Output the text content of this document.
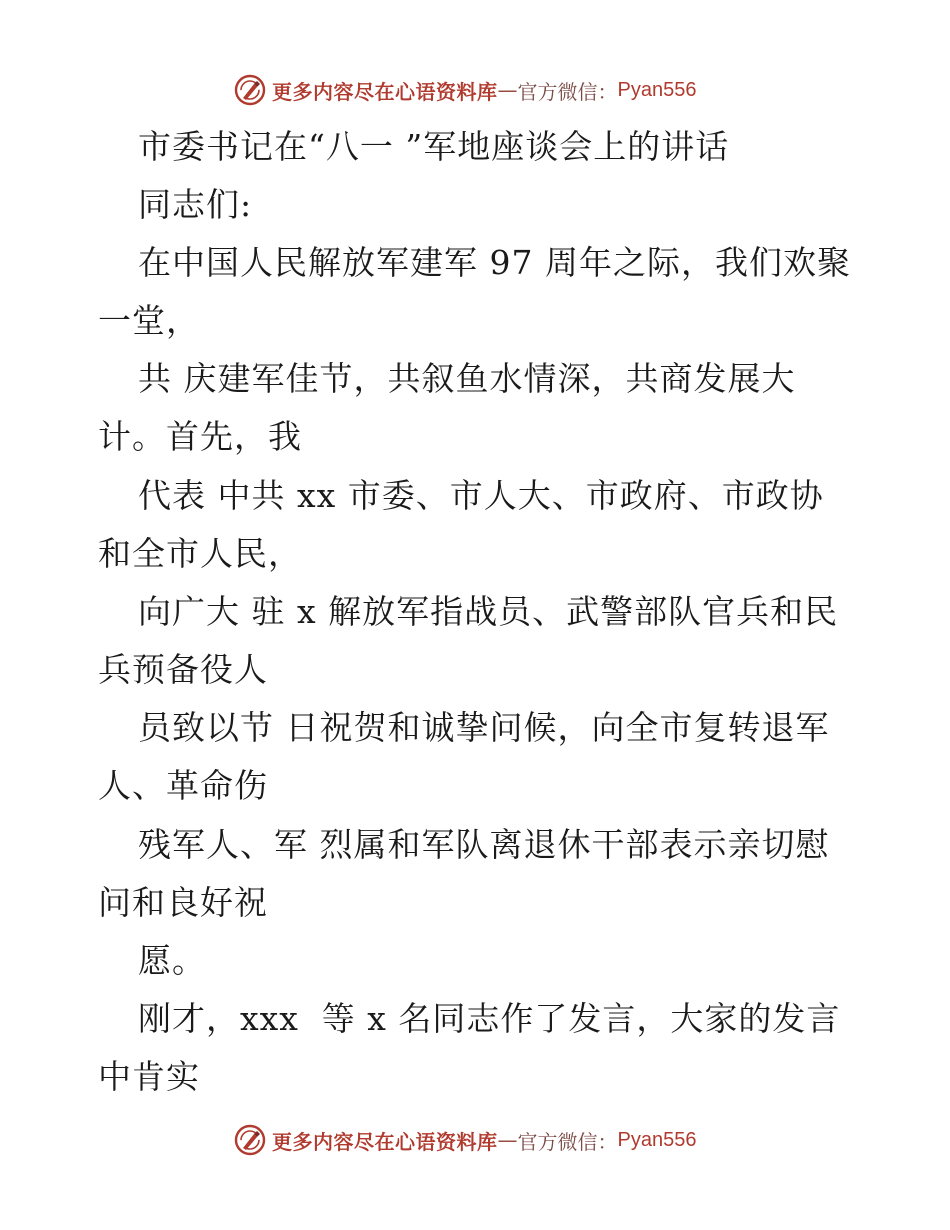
更多内容尽在心语资料库 — 官方微信： Pyan556
市委书记在“八一 ”军地座谈会上的讲话
同志们:
在中国人民解放军建军 97 周年之际，我们欢聚
一堂，
共 庆建军佳节，共叙鱼水情深，共商发展大
计。首先，我
代表 中共 xx 市委、市人大、市政府、市政协
和全市人民，
向广大 驻 x 解放军指战员、武警部队官兵和民
兵预备役人
员致以节 日祝贺和诚挚问候，向全市复转退军
人、革命伤
残军人、军 烈属和军队离退休干部表示亲切慰
问和良好祝
愿。
刚才，xxx  等 x 名同志作了发言，大家的发言
中肯实
更多内容尽在心语资料库 — 官方微信： Pyan556
